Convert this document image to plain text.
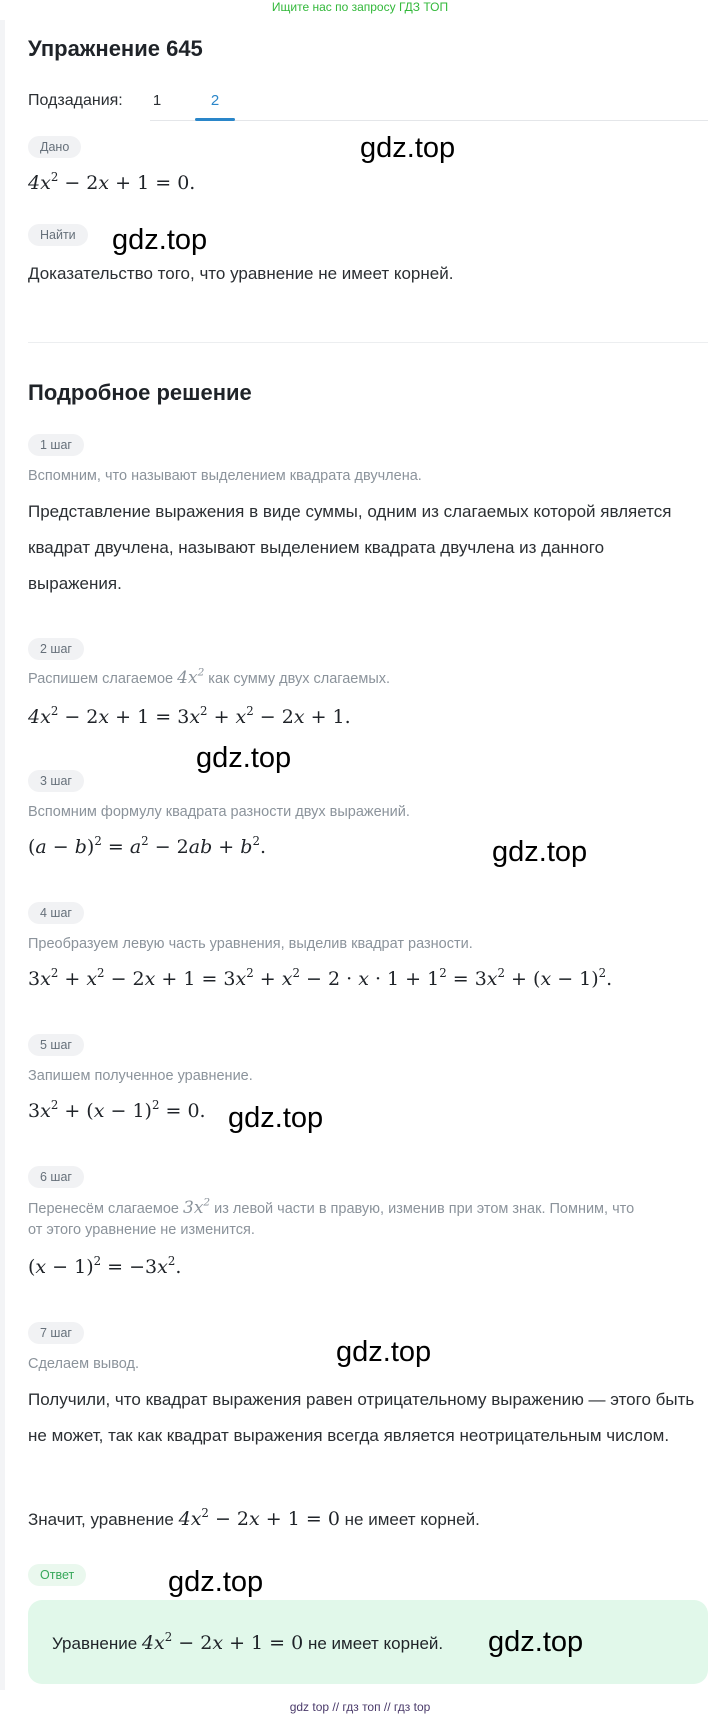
Ищите нас по запросу ГДЗ ТОП
Упражнение 645
Подзадания:	1	2
Дано
$4x^2 - 2x + 1 = 0$.
Найти
Доказательство того, что уравнение не имеет корней.
Подробное решение
1 шаг
Вспомним, что называют выделением квадрата двучлена.
Представление выражения в виде суммы, одним из слагаемых которой является квадрат двучлена, называют выделением квадрата двучлена из данного выражения.
2 шаг
Распишем слагаемое $4x^2$ как сумму двух слагаемых.
$4x^2 - 2x + 1 = 3x^2 + x^2 - 2x + 1$.
3 шаг
Вспомним формулу квадрата разности двух выражений.
$(a - b)^2 = a^2 - 2ab + b^2$.
4 шаг
Преобразуем левую часть уравнения, выделив квадрат разности.
$3x^2 + x^2 - 2x + 1 = 3x^2 + x^2 - 2 \cdot x \cdot 1 + 1^2 = 3x^2 + (x - 1)^2$.
5 шаг
Запишем полученное уравнение.
$3x^2 + (x - 1)^2 = 0$.
6 шаг
Перенесём слагаемое $3x^2$ из левой части в правую, изменив при этом знак. Помним, что
от этого уравнение не изменится.
$(x - 1)^2 = -3x^2$.
7 шаг
Сделаем вывод.
Получили, что квадрат выражения равен отрицательному выражению — этого быть не может, так как квадрат выражения всегда является неотрицательным числом.
Значит, уравнение $4x^2 - 2x + 1 = 0$ не имеет корней.
Ответ
Уравнение $4x^2 - 2x + 1 = 0$ не имеет корней.
gdz.top
gdz.top
gdz.top
gdz.top
gdz.top
gdz.top
gdz.top
gdz.top
gdz top // гдз топ // гдз top
